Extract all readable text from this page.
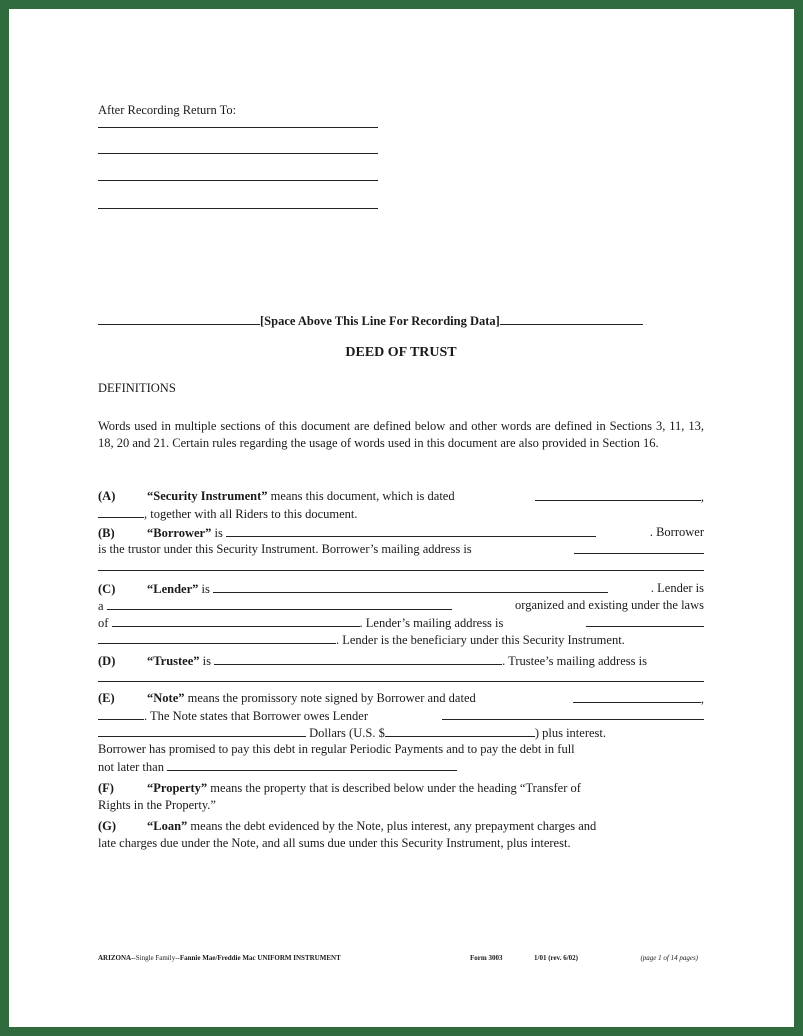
After Recording Return To:
[Space Above This Line For Recording Data]
DEED OF TRUST
DEFINITIONS
Words used in multiple sections of this document are defined below and other words are defined in Sections 3, 11, 13, 18, 20 and 21. Certain rules regarding the usage of words used in this document are also provided in Section 16.
(A)	“Security Instrument” means this document, which is dated	,
, together with all Riders to this document.
(B)	“Borrower” is	. Borrower
is the trustor under this Security Instrument. Borrower’s mailing address is
(C)	“Lender” is	. Lender is
a	organized and existing under the laws
of	. Lender’s mailing address is
. Lender is the beneficiary under this Security Instrument.
(D)	“Trustee” is	. Trustee’s mailing address is
(E)	“Note” means the promissory note signed by Borrower and dated	,
. The Note states that Borrower owes Lender
Dollars (U.S. $	) plus interest.
Borrower has promised to pay this debt in regular Periodic Payments and to pay the debt in full
not later than
(F)	“Property” means the property that is described below under the heading “Transfer of
Rights in the Property.”
(G) “Loan” means the debt evidenced by the Note, plus interest, any prepayment charges and
late charges due under the Note, and all sums due under this Security Instrument, plus interest.
ARIZONA--Single Family--Fannie Mae/Freddie Mac UNIFORM INSTRUMENT	Form 3003	1/01 (rev. 6/02)	(page 1 of 14 pages)
